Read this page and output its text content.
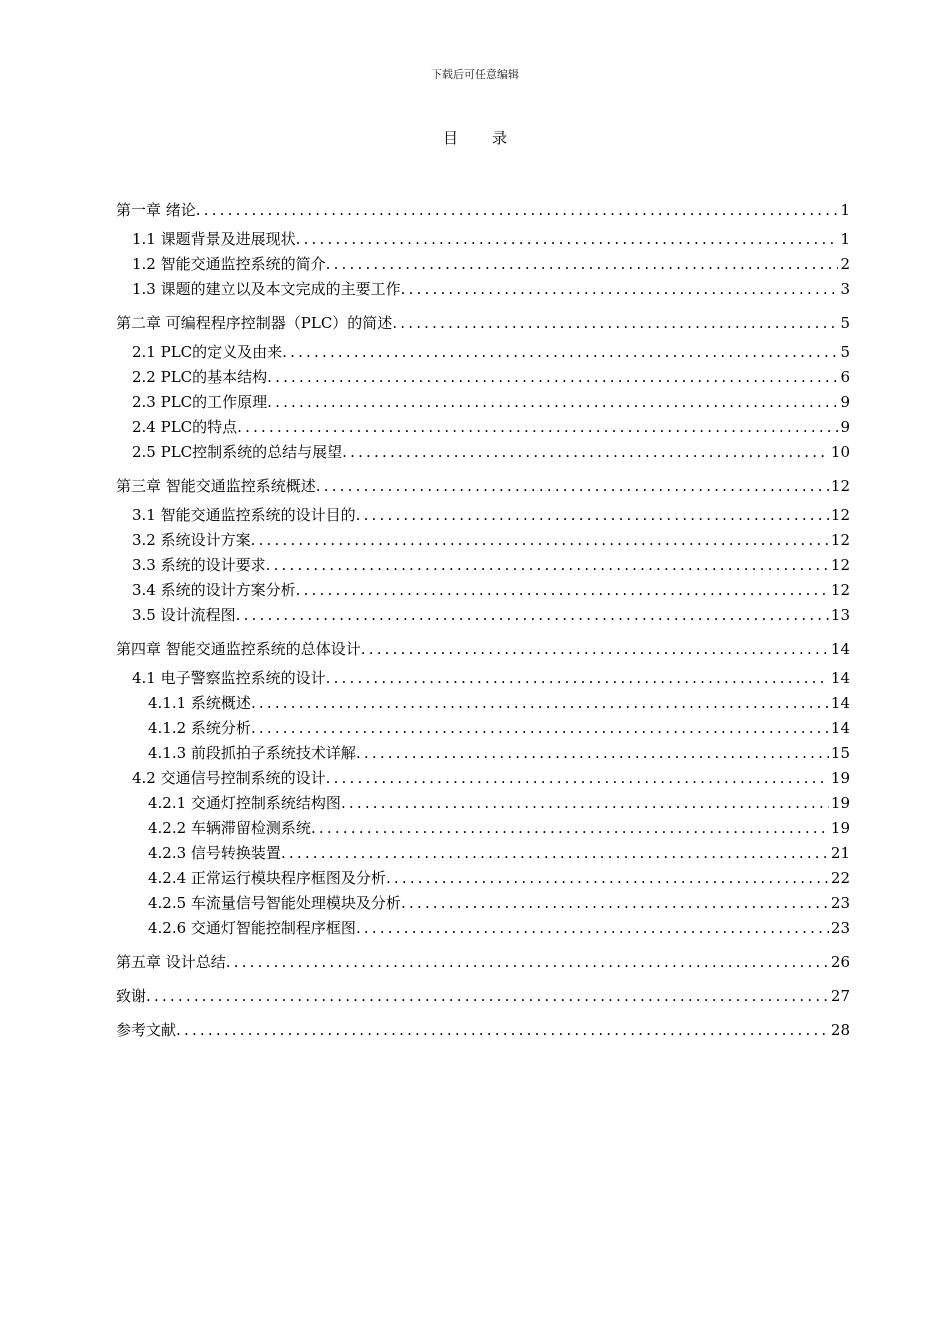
下载后可任意编辑
目录
第一章 绪论 .....	1
1.1 课题背景及进展现状 .....	1
1.2 智能交通监控系统的简介 .....	2
1.3 课题的建立以及本文完成的主要工作 .....	3
第二章 可编程程序控制器（PLC）的简述 .....	5
2.1 PLC的定义及由来 .....	5
2.2 PLC的基本结构 .....	6
2.3 PLC的工作原理 .....	9
2.4 PLC的特点 .....	9
2.5 PLC控制系统的总结与展望 .....	10
第三章 智能交通监控系统概述 .....	12
3.1 智能交通监控系统的设计目的 .....	12
3.2 系统设计方案 .....	12
3.3 系统的设计要求 .....	12
3.4 系统的设计方案分析 .....	12
3.5 设计流程图 .....	13
第四章 智能交通监控系统的总体设计 .....	14
4.1 电子警察监控系统的设计 .....	14
4.1.1 系统概述 .....	14
4.1.2 系统分析 .....	14
4.1.3 前段抓拍子系统技术详解 .....	15
4.2 交通信号控制系统的设计 .....	19
4.2.1 交通灯控制系统结构图 .....	19
4.2.2 车辆滞留检测系统 .....	19
4.2.3 信号转换装置 .....	21
4.2.4 正常运行模块程序框图及分析 .....	22
4.2.5 车流量信号智能处理模块及分析 .....	23
4.2.6 交通灯智能控制程序框图 .....	23
第五章 设计总结 .....	26
致谢 .....	27
参考文献 .....	28
